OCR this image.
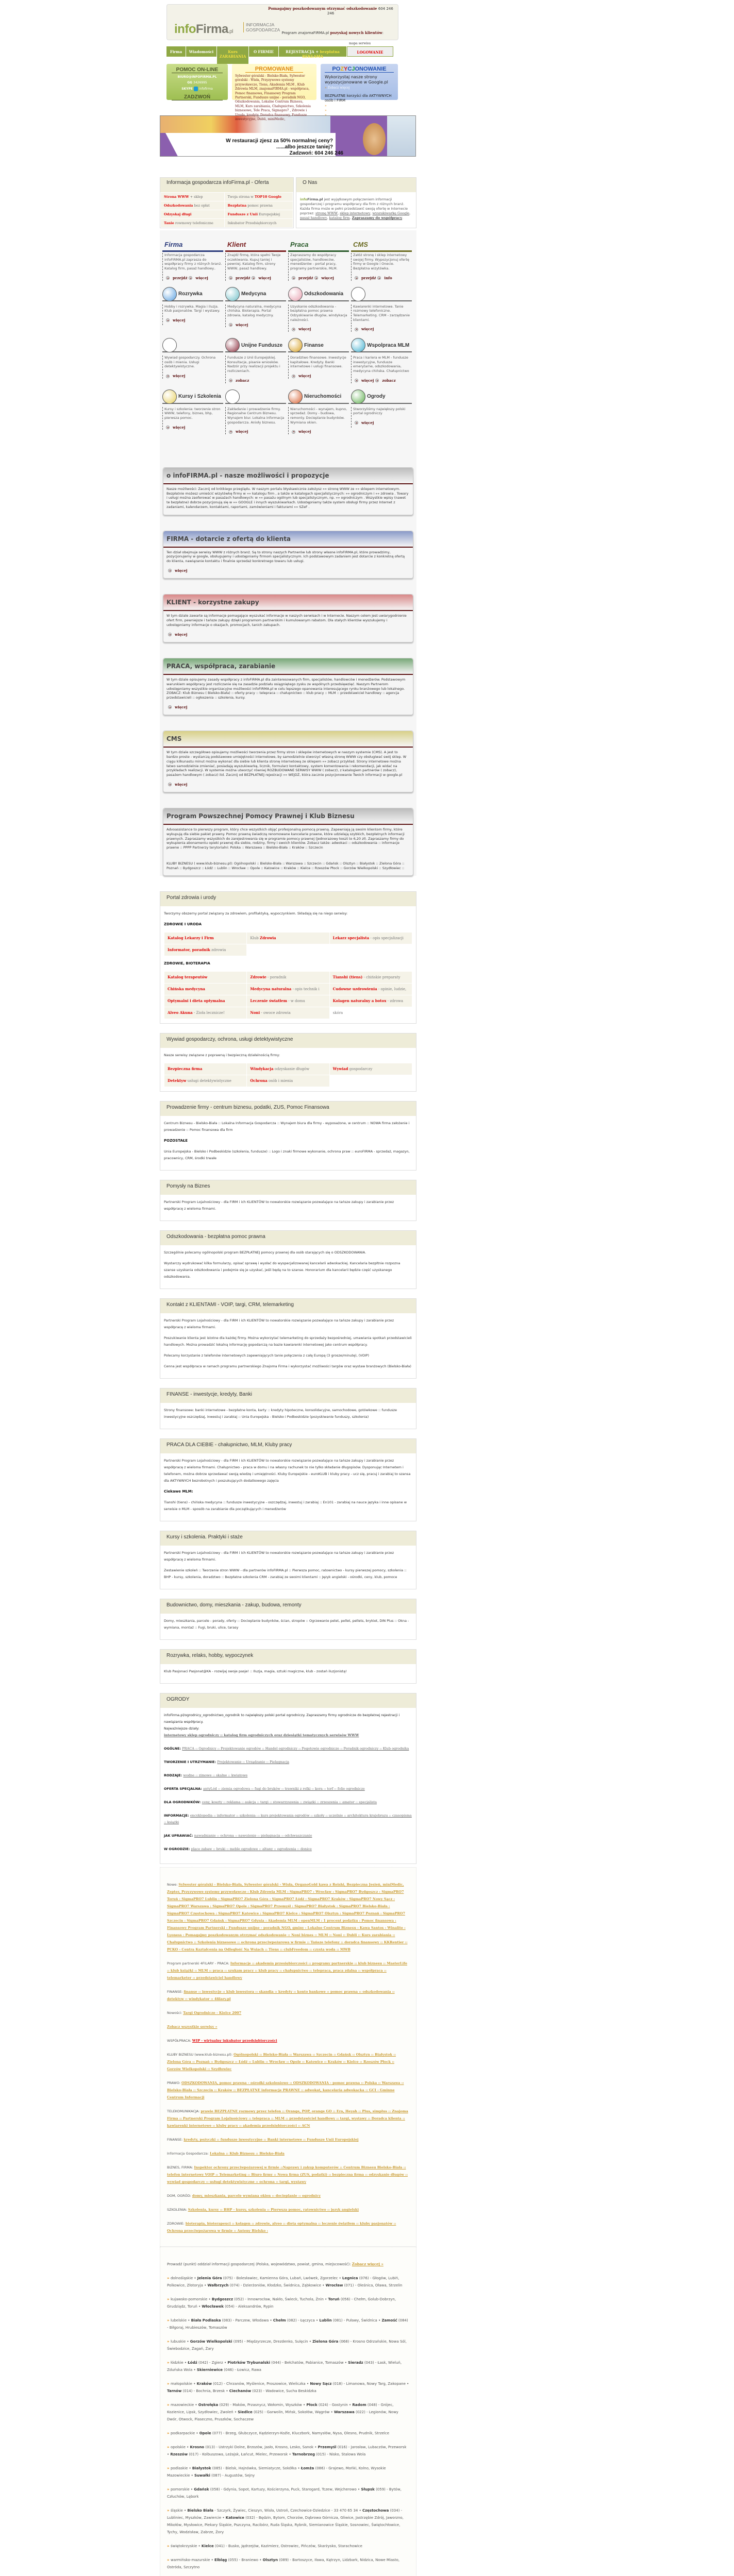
infoFirma.pl
INFORMACJA
GOSPODARCZA
Pomagajmy poszkodowanym otrzymać odszkodowanie 604 246 246
Program znajomaFIRMA.pl pozyskaj nowych klientów:
mapa serwisu
Firma	Wiadomości	Kurs ZARABIANIA
O FIRMIE	REJESTRACJA + bezpłatna REKLAMA
LOGOWANIE
POMOC ON-LINE
BIURO@INFOFIRMA.PL
GG 3426995
SKYPE infofirma
ZADZWOŃ
0 604 246 246
PROMOWANE

Sylwester góralski - Bielsko-Biała, Sylwester góralski - Wisła, Przyzywowe systemy przywoławcze, Tiens, Akademia MLM , Klub Zdrowia MLM, znajomaFIRMA.pl - współpraca, Pomoc finansowa, Finansowy Program Partnerski, Fundusze unijne - poradnik NGO, Odszkodowania, Lokalne Centrum Biznesu, MLM, Kurs zarabiania, Chałupnictwo, Szkolenia biznesowe, Tele Praca, Sigmapro7 , Zdrowie i Uroda, kredyty, Doradca finansowy, Fundusze inwestycyjne, Dubli, miniMedic,

POZYCJONOWANIE
Wykorzystaj nasze strony wypozycjonowane w Google.pl
» Zobacz więcej
BEZPŁATNE korzyści dla AKTYWNYCH osób i FIRM
» Strony, sklepy, pozyskanie klientów
» Akademia zarabiania
»
W restauracji zjesz za 50% normalnej ceny?
......albo jeszcze taniej?
Zadzwoń: 604 246 246
Informacja gospodarcza infoFirma.pl - Oferta
Strona WWW + sklep	Twoja strona w TOP10 Google
Odszkodowania bez opłat	Bezpłatna pomoc prawna
Odzyskaj długi	Fundusze z Unii Europejskiej
Tanie rowmowy telefoniczne	Inkubator Przedsiębiorczych
O Nas

infoFirma.pl jest wyjątkowym połączeniem informacji gospodarczej i programu współpracy dla firm z różnych branż. Każda firma może w pełni przedstawić swoją ofertę w Internecie poprzez: stronę WWW, sklep internetowy, wyszukiwarkę Google, pasaż handlowy, katalog firm. Zapraszamy do współpracy.

Firma
Informacja gospodarcza infoFIRMA.pl zaprasza do współpracy firmy z różnych branż. Katalog firm, pasaż handlowy..
przejdź więcej
Klient
Znajdź firmę, która spełni Twoje oczekiwania. Kupuj taniej i pewniej. Katalog firm, strony WWW, pasaż handlowy.
przejdź więcej
Praca
Zapraszamy do współpracy specjalistów, handlowców, menedżerów - portal pracy, programy partnerskie, MLM.
przejdź więcej
CMS
Załóż stronę i sklep internetowy swojej firmy. Wypozycjonuj ofertę firmy w Google i Onecie. Bezpłatna wizytówka.
przejdź info
Rozrywka
Hobby i rozrywka. Magia i iluzja. Klub pasjonatów. Targi i wystawy.
więcej
Medycyna
Medycyna naturalna, medycyna chińska. Bioterapia. Portal zdrowia, katalog medyczny.
więcej
Odszkodowania
Uzyskanie odszkodowania - bezpłatna pomoc prawna Odzyskiwanie długów, windykacja należności.
więcej
Kawiarenki internetowe. Tanie rozmowy telefoniczne. Telemarketing. CRM - zarządzanie klientami.
więcej
Wywiad gospodarczy. Ochrona osób i mienia. Usługi detektywistyczne.
więcej
Unijne Fundusze
Fundusze z Unii Europejskiej. Konsultacje, pisanie wniosków. Nadzór przy realizacji projektu i rozliczeniach.
zobacz
Finanse
Doradztwo finansowe. Inwestycje kapitałowe. Kredyty. Banki internetowe i usługi finansowe.
więcej
Wspolpraca MLM
Praca i kariera w MLM - fundusze inwestycyjne, fundusze emerytarne, odszkodowania, medycyna chińska. Chałupnictwo
więcej zobacz
Kursy i Szkolenia
Kursy i szkolenia: tworzenie stron WWW, telefony, biznes, bhp, pierwsza pomoc.
więcej
Zakładanie i prowadzenie firmy. Regionalne Centrum Biznesu. Wynajem biur. Lokalna informacja gospodarcza. Anioły biznesu.
więcej
Nieruchomości
Nieruchomości - wynajem, kupno, sprzedaż. Domy - budowa, remonty. Docieplanie budynków. Wymiana okien.
więcej
Ogrody
Stworzyliśmy największy polski portal ogrodniczy
więcej
o infoFIRMA.pl - nasze możliwości i propozycje
Nasze możliwości: Zacznij od krótkiego przeglądu. W naszym portalu błyskawicznie założysz »» stronę WWW ze »» sklepem internetowym. Bezpłatnie możesz umieścić wizytówkę firmy w »» katalogu firm , a także w katalogach specjalistycznych: »» ogrodniczym i »» zdrowia . Towary i usługi można zaoferować w pasażach handlowych: w »» pasażu ogólnym lub specjalistycznym, np. »» ogrodniczym . Wszystkie wpisy (nawet te bezpłatne) dobrze pozycjonują się w »» GOOGLE i innych wyszukiwarkach. Udostępniamy także system obsługi firmy przez Internet z zadaniami, kalendarzem, kontaktami, raportami, zamówieniami i fakturami »» SZeF .
FIRMA - dotarcie z ofertą do klienta
Ten dział obejmuje serwisy WWW z różnych branż. Są to strony naszych Partnerów lub strony własne infoFIRMA.pl, które prowadzimy, pozycjonujemy w google, obsługujemy i udostępniamy firmom specjalistycznym. Ich podstawowym zadaniem jest dotarcie z konkretną ofertą do klienta, nawiązanie kontaktu i finalnie sprzedaż konkretnego towaru lub usługi.
więcej
KLIENT - korzystne zakupy
W tym dziale zawarte są informacje pomagające wyszukać informacje w naszych serwisach i w Internecie. Naszym celem jest uwiarygodnienie ofert firm, pewniejsze i tańsze zakupy dzięki programom partnerskim i kumulowanym rabatom. Dla stałych klientów wyszukujemy i udostępniamy informacje o okazjach, promocjach, tanich zakupach.
więcej
PRACA, współpraca, zarabianie
W tym dziale opisujemy zasady współpracy z infoFIRMA.pl dla zainteresowanych firm, specjalistów, handlowców i menedżerów. Podstawowym warunkiem współpracy jest rozliczanie się na zasadzie podziału osiągniętego zysku ze wspólnych przedsięwzięć. Naszym Partnerom udostępniamy wszystkie organizacyjne możliwości infoFIRMA.pl w celu lepszego opanowania interesującego rynku branżowego lub lokalnego. ZOBACZ: Klub Biznesu ( Bielsko-Biała) :: oferty pracy :: telepraca :: chałupnictwo :: klub pracy :: MLM :: przedstawiciel handlowy :: agencja przedstawicieli :: ogłoszenia :: szkolenia, kursy.
więcej
CMS
W tym dziale szczegółowo opisujemy możliwości tworzenia przez firmy stron i sklepów internetowych w naszym systemie (CMS). A jest to bardzo proste - wystarczą podstawowe umiejętności internetowe, by samodzielnie stworzyć własną stronę WWW czy obsługiwać swój sklep. W ciągu kilkunastu minut można wykonać dla siebie lub klienta stronę internetową ze sklepem »» zobacz przykład. Strony internetowe można łatwo samodzielnie zmieniać, posiadają wyszukiwarkę, licznik, formularz kontaktowy, system komentowania i rekomendacji, jak widać na przykładach realizacji. W systemie można utworzyć równiej ROZBUDOWANE SERWISY WWW ( zobacz), z katalogiem partnerów ( zobacz), pasażem handlowym ( zobacz) itd. Zacznij od BEZPŁATNEJ rejestracji »» WEJDŹ, która zacznie pozycjonowanie Twoich informacji w google.pl
więcej
Program Powszechnej Pomocy Prawnej i Klub Biznesu
Advoassistance to pierwszy program, który chce wszystkich objąć profesjonalną pomocą prawną. Zapewniają ją swoim klientom firmy, które wykupują dla siebie pakiet prawny. Pomoc prawną świadczą renomowane kancelarie prawne, które udzielają szybkich, bezpłatnych informacji prawnych. Zapraszamy wszystkich do zarejestrowania się w programie pomocy prawnej (jednorazowy koszt to 6,20 zł). Zapraszamy firmy do wykupienia abonamentu opieki prawnej dla siebie, rodziny, firmy i swoich klientów. Zobacz także: adwokaci :: odszkodowania :: informacje prawne :: PPPP Partnerzy terytorialni: Polska :: Warszawa :: Bielsko-Biała :: Kraków :: Szczecin
KLUBY BIZNESU ( www.klub-biznesu.pl): Ogólnopolski :: Bielsko-Biała :: Warszawa :: Szczecin :: Gdańsk :: Olsztyn :: Białystok :: Zielona Góra :: Poznań :: Bydgoszcz :: Łódź :: Lublin :: Wrocław :: Opole :: Katowice :: Kraków :: Kielce :: Rzeszów Płock :: Gorzów Wielkopolski :: Szydłowiec ::
Portal zdrowia i urody
Tworzymy obszerny portal związany za zdrowiem, profilaktyką, wypoczynkiem. Składają się na niego serwisy:
ZDROWIE I URODA
Katalog Lekarzy i Firm	Klub Zdrowia	Lekarz specjalista - opis specjalizacji
Informator, poradnik zdrowia		
ZDROWIE, BIOTERAPIA
Katalog terapeutów	Zdrowie - poradnik	Tianshi (tiens) - chińskie preparaty
Chińska medycyna	Medycyna naturalna - opis technik i	Cudowne uzdrowienia - opinie, ludzie,
Optymalni i dieta optymalna	Leczenie światłem - w domu	Kolagen naturalny a botox - zdrowa
Alveo Akuna - Zioła lecznicze!	Noni - owoce zdrowia	skóra
Wywiad gospodarczy, ochrona, usługi detektywistyczne
Nasze serwisy związane z poprawną i bezpieczną działalnością firmy:
Bezpieczna firma	Windykacja odzyskanie długów	Wywiad gospodarczy
Detektyw usługi detektywistyczne	Ochrona osób i mienia	
Prowadzenie firmy - centrum biznesu, podatki, ZUS, Pomoc Finansowa
Centrum Biznesu - Bielsko-Biała :: Lokalna Informacja Gospodarcza :: Wynajem biura dla firmy - wyposażone, w centrum :: NOWA firma założenie i prowadzenie :: Pomoc finansowa dla firm
POZOSTAŁE
Unia Europejska - Bielsko i Podbeskidzie (szkolenia, fundusze) :: Logo i znaki firmowe wykonanie, ochrona praw :: euroFIRMA - sprzedaż, magazyn, pracownicy, CRM, środki trwałe
Pomysły na Biznes
Partnerski Program Lojalnościowy - dla FIRM i ich KLIENTÓW to nowatorskie rozwiązanie pozwalające na tańsze zakupy i zarabianie przez współpracę z wieloma firmami.
Odszkodowania - bezpłatna pomoc prawna
Szczególnie polecamy ogólnopolski program BEZPŁATNEJ pomocy prawnej dla osób starających się o ODSZKODOWANIA.
Wystarczy wydrukować kilka formularzy, opisać sprawę i wysłać do wyspecjalizowanej kancelarii adwokackiej. Kancelaria bezpłtnie rozpozna szanse uzyskania odszkodowania i podejmie się je uzyskać, jeśli będą na to szanse. Honorarium dla kancelarii będzie część uzyskanego odszkodowania.
Kontakt z KLIENTAMI - VOIP, targi, CRM, telemarketing
Partnerski Program Lojalnościowy - dla FIRM i ich KLIENTÓW to nowatorskie rozwiązanie pozwalające na tańsze zakupy i zarabianie przez współpracę z wieloma firmami.
Poszukiwanie klienta jest istotne dla każdej firmy. Można wykorzytać telemarketing do sprzedaży bezpośredniej, umawiania spotkań przedstawicieli handlowych. Można prowadzić lokalną informację gopodarczą na bazie kawiarenki internetowej jako centrum współpracy.
Polecamy korzystanie z telefonów internetowych zapewniających tanie połączenia z całą Europą (3 grosze/minutę), (VOIP)
Cenna jest współpraca w ramach programu partnerskiego Znajoma Firma i wykorzystać możliwości targów oraz wystaw branżowych (Bielsko-Biała)
FINANSE - inwestycje, kredyty, Banki
Strony finansowe: banki internetowe - bezpłatne konta, karty :: kredyty hipoteczne, konsolidacyjne, samochodowe, gotówkowe :: fundusze inwestycyjne oszczędzaj, inwestuj i zarabiaj :: Unia Europejska - Bielsko i Podbeskidzie (pozyskiwanie funduszy, szkolenia)
PRACA DLA CIEBIE - chałupnictwo, MLM, Kluby pracy
Partnerski Program Lojalnościowy - dla FIRM i ich KLIENTÓW to nowatorskie rozwiązanie pozwalające na tańsze zakupy i zarabianie przez współpracę z wieloma firmami. Chałupnictwo - praca w domu i na własny rachunek to nie tylko składanie długopisów. Dysponując Internetem i telefonem, można dobrze sprzedawać swoją wiedzę i umiejętności. Kluby Europejskie - euroKLUB i kluby pracy - ucz się, pracuj i zarabiaj to szansa dla AKTYWNYCH bezrobotnych i poszukujących dodatkowego zajęcia
Ciekawe MLM:
Tianshi (tiens) - chińska medycyna :: fundusze inwestycyjne - oszczędzaj, inwestuj i zarabiaj :: En101 - zarabiaj na nauce języka i inne opisane w serwisie o MLM - sposób na zarabianie dla początkujących i menedżerów
Kursy i szkolenia. Praktyki i staże
Partnerski Program Lojalnościowy - dla FIRM i ich KLIENTÓW to nowatorskie rozwiązanie pozwalające na tańsze zakupy i zarabianie przez współpracę z wieloma firmami.
Zestawienie szkoleń :: Tworzenie stron WWW - dla partnerów infoFIRMA.pl :: Pierwsza pomoc, ratownictwo - kursy pierwszej pomocy, szkolenia :: BHP - kursy, szkolenia, doradztwo :: Bezpłatne szkolenia CRM - zarabiaj ze swoimi klientami :: Język angielski - ośrodki, ceny, klub, pomoce
Budownictwo, domy, mieszkania - zakup, budowa, remonty
Domy, mieszkania, parcele - porady, oferty :: Docieplanie budynków, ścian, stropów :: Ogrzewanie pelet, pellet, pellets, brykiet, DIN Plus :: Okna - wymiana, montaż :: Fugi, bruki, ulice, tarasy
Rozrywka, relaks, hobby, wypoczynek
Klub Pasjonaci Pasjonat@KA - rozwijaj swoje pasje! :: Iluzja, magia, sztuki magiczne, klub - zostań iluzjonistą!
OGRODY
infoFirma.pl/ogrodnicy_ogrodnictwo_ogrodnik to największy polski portal ogrodniczy. Zapraszamy firmy ogrodnicze do bezpłatnej rejestracji i nawiązania współpracy.
Najważniejsze działy:
internetowy sklep ogrodniczy :: katalog firm ogrodniczych oraz dziesiątki tematycznych serwisów WWW
OGÓLNE: PRACA :: Ogrodnicy :: Projektowanie ogrodów :: Handel ogrodniczy :: Pogotowie ogrodnicze :: Poradnik ogrodniczy :: Klub ogrodnika
TWORZENIE I UTRZYMANIE: Projektowanie :: Urządzanie :: Pielęgnacja
RODZAJE: wodne :: zimowe :: skalne :: kwiatowe
OFERTA SPECJALNA: antyLód :: ziemia ogrodowa :: fugi do bruków :: trawniki z rolki :: kora :: torf :: folie ogrodnicze
DLA OGRODNIKÓW: ceny, koszty :: reklama :: aukcja :: targi :: stowarzyszenia :: związki :: zrzeszenia :: amator :: specjalista
INFORMACJE: encyklopedia :: informator :: szkolenia: :: kurs projektowania ogrodów :: szkoły :: uczelnie :: architektura krajobrazu :: czasopisma :: książki
JAK UPRAWIAĆ: nawadnianie :: ochrona :: nawożenie :: pielęgnacja :: odchwaszczanie
W OGRODZIE: place zabaw :: bruki :: meble ogrodowe :: altany :: ogrodzenia :: donice
Nowe: Sylwester góralski - Bielsko-Biała, Sylwester góralski - Wisła, OrganoGold kawa z Reishi, Bezpieczna Jesień, miniMedic, Zepter, Przyzywowe systemy przywoławcze : Klub Zdrowia MLM : SigmaPRO7 : Wrocław : SigmaPRO7 Bydgoszcz : SigmaPRO7 Toruń : SigmaPRO7 Lublin : SigmaPRO7 Zielona Góra : SigmaPRO7 Łódź : SigmaPRO7 Kraków : SigmaPRO7 Nowy Sącz : SigmaPRO7 Warszawa : SigmaPRO7 Opole : SigmaPRO7 Przemyśl : SigmaPRO7 Białystok : SigmaPRO7 Bielsko-Biała : SigmaPRO7 Częstochowa : SigmaPRO7 Katowice : SigmaPRO7 Kielce : SigmaPRO7 Olsztyn : SigmaPRO7 Poznań : SigmaPRO7 Szczecin : SigmaPRO7 Gdańsk : SigmaPRO7 Gdynia : Akademia MLM : openMLM : 1 procent podatku : Pomoc finansowa : Finansowy Program Partnerski : Fundusze unijne - poradnik NGO, gminy : Lokalne Centrum Biznesu : Kawa Santos : Winalite : Lyoness : Pomagajmy poszkodowanym otrzymać odszkodowanie :: Noni biznes :: MLM :: Noni :: Dubli :: Kurs zarabiania :: Chałupnictwo :: Szkolenia biznesowe :: ochrona przeciwpożarowa w firmie :: Tańsze telefony :: doradca finansowy :: KKRentier :: PCKO - Centra Kształcenia na Odległość Na Wsiach :: Tiens :: clubFreedom :: czysta woda :: MWB
Program partnerski 4FILARY - PRACA: Informacje :: akademia przesiębiorczości :: programy partnerskie :: klub biznesu :: MasterLife :: klub książki :: MLM :: praca :: szukam pracy :: klub pracy :: chałupnictwo :: telepraca, praca zdalna :: współpraca :: telemarketer :: przedstawiciel handlowy
FINANSE: finanse :: inwestycje :: klub inwestora :: skandia :: kredyty :: konto bankowe :: pomoc prawna :: odszkodowania :: detektyw :: windykator :: 4filary.pl
Nowości: Targi Ogrodnicze - Kielce 2007
Zobacz wszystkie serwisy »
WSPÓŁPRACA: WIP - wirtualny inkubator przedsiębiorczości
KLUBY BIZNESU (www.klub-biznesu.pl): Ogólnopolski :: Bielsko-Biała :: Warszawa :: Szczecin :: Gdańsk :: Olsztyn :: Białystok :: Zielona Góra :: Poznań :: Bydgoszcz :: Łódź :: Lublin :: Wrocław :: Opole :: Katowice :: Kraków :: Kielce :: Rzeszów Płock :: Gorzów Wielkopolski :: Szydłowiec
PRAWO: ODSZKODOWANIA, pomoc prawna - ośrodki szkoleniowe :: ODSZKODOWANIA - pomoc prawna :: Polska :: Warszawa :: Bielsko-Biała :: Szczecin :: Kraków :: BEZPŁATNE informacje PRAWNE :: adwokat, kancelaria adwokacka :: GCI - Gminne Centrum Informacji
TELEKOMUNIKACJA: prawie BEZPŁATNE rozmowy przez telefon :: Orange, POP, orange GO :: Era, Heyah :: Plus, simplus :: Znajoma Firma :: Partnerski Program Lojalnościowy :: telepraca :: MLM :: przedstawiciel handlowy :: targi, wystawy :: Doradca klienta :: kawiarenki internetowe :: kluby pracy :: akademia przedsiębiorczości :: ACN
FINANSE: kredyty, pożyczki :: fundusze inwestycyjne :: Banki internetowe :: Fundusze Unii Europejskiej
Informacja Gospodarcza: Lokalna :: Klub Biznesu :: Bielsko-Biała
BIZNES, FIRMA: Inspektor ochrony przeciwpożarowej w firmie ::Naprawy i zakup komputerów :: Centrum Biznesu Bielsko-Biała :: telefon internetowy VOIP :: Telemarketing :: Biuro firmy :: Nowa firma (ZUS, podatki) :: bezpieczna firma :: odzyskanie długów :: wywiad gospodarczy :: usługi detektywistyczne :: ochrona :: targi, wystawy
DOM, OGRÓD: domy, mieszkania, parcele wymiana okien :: docieplanie :: ogrodnicy
SZKOLENIA: Szkolenia, kursy :: BHP - kursy, szkolenia :: Pierwsza pomoc, ratownictwo :: język angielski
ZDROWIE: bioterapia, bioterapeuci :: kolagen :: zdrowie, alveo :: dieta optymalna :: leczenie światłem :: kluby pasjonatów :: Ochrona przeciwpożarowa w firmie :: Anteny Bielsko :
Prowadź (punkt) oddział informacji gospodarczej (Polska, województwo, powiat, gmina, miejscowość): Zobacz więcej »
» dolnośląskie • Jelenia Góra (075) - Bolesławiec, Kamienna Góra, Lubań, Lwówek, Zgorzelec • Legnica (076) - Głogów, Lubiń, Polkowice, Złotoryja • Wałbrzych (074) - Dzierżoniów, Kłodzko, Świdnica, Ząbkowice • Wrocław (071) - Oleśnica, Oława, Strzelin
» kujawsko-pomorskie • Bydgoszcz (052) - Innowrocław, Nakło, Świeck, Tuchola, Żnin • Toruń (056) - Chełm, Golub-Dobrzyn, Grudziądz, Toruń • Włocławek (054) - Aleksandrów, Rypin
» lubelskie • Biała Podlaska (083) - Parczew, Włodawa • Chełm (082) - Łęczyca • Lublin (081) - Puławy, Świdnica • Zamość (084) - Biłgoraj, Hrubieszów, Tomaszów
» lubuskie • Gorzów Wielkopolski (095) - Międzyrzecze, Drezdenko, Sulęcin • Zielona Góra (068) - Krosno Odrzańskie, Nowa Sól, Świebodzice, Żagań, Żary
» łódzkie • Łódź (042) - Zgierz • Piotrków Trybunalski (044) - Bełchatów, Pabianice, Tomaszów • Sieradz (043) - Łask, Wieluń, Zduńska Wola • Skierniewice (046) - Łowicz, Rawa
» małopolskie • Kraków (012) - Chrzanów, Myślenice, Proszowice, Wieliczka • Nowy Sącz (018) - Limanowa, Nowy Targ, Zakopane • Tarnów (014) - Bochnia, Brzesk • Ciechanów (023) - Wadowice, Sucha Beskidzka
» mazowieckie • Ostrołęka (029) - Maków, Przasnycz, Wołomin, Wyszków • Płock (024) - Gostynin • Radom (048) - Grójec, Kozienice, Lipsk, Szydłowiec, Zwoleń • Siedlce (025) - Garwolin, Mińsk, Sokołów, Węgrów • Warszawa (022) - Legionów, Nowy Dwór, Otwock, Piaseczno, Pruszków, Sochaczew
» podkarpackie • Opole (077) - Brzeg, Głubczyce, Kędzierzyn-Koźle, Kluczbork, Namysłów, Nysa, Olesno, Prudnik, Strzelce
» opolskie • Krosno (013) - Ustrzyki Dolne, Brzozów, Jasło, Krosno, Lesko, Sanok • Przemyśl (016) - Jarosław, Lubaczów, Przeworsk • Rzeszów (017) - Kolbuszowa, Leżajsk, Łańcut, Mielec, Przeworsk • Tarnobrzeg (015) - Nisko, Stalowa Wola
» podlaskie • Białystok (085) - Bielsk, Hajnówka, Siemiatycze, Sokółka • Łomża (086) - Grajewo, Mońki, Kolno, Wysokie Mazowieckie • Suwałki (087) - Augustów, Sejny
» pomorskie • Gdańsk (058) - Gdynia, Sopot, Kartuzy, Kościerzyna, Puck, Starogard, Tczew, Wejcherowo • Słupsk (059) - Bytów, Człuchów, Lębork
» śląskie • Bielsko Biała - Szczyrk, Żywiec, Cieszyn, Wisła, Ustroń, Czechowice-Dziedzice - 33 470 65 34 • Częstochowa (034) - Lubliniec, Myszków, Zawiercie • Katowice (032) - Będzin, Bytom, Chorzów, Dąbrowa Górnicza, Gliwice, Jastrzębie Zdrój, Jaworzno, Mikołów, Mysłowice, Piekary Śląskie, Pszczyna, Racibórz, Ruda Śląska, Rybnik, Siemianowice Śląskie, Sosnowiec, Świętochłowice, Tychy, Wodzisław, Zabrze, Żory
» świętokrzyskie • Kielce (041) - Busko, Jędrzejów, Kazimierz, Ostrowiec, Pińczów, Skarżysko, Starachowice
» warmińsko-mazurskie • Elbląg (055) - Braniewo • Olsztyn (089) - Bartoszyce, Iława, Kętrzyn, Lidzbark, Nidzica, Nowe Miasto, Ostróda, Szczytno
